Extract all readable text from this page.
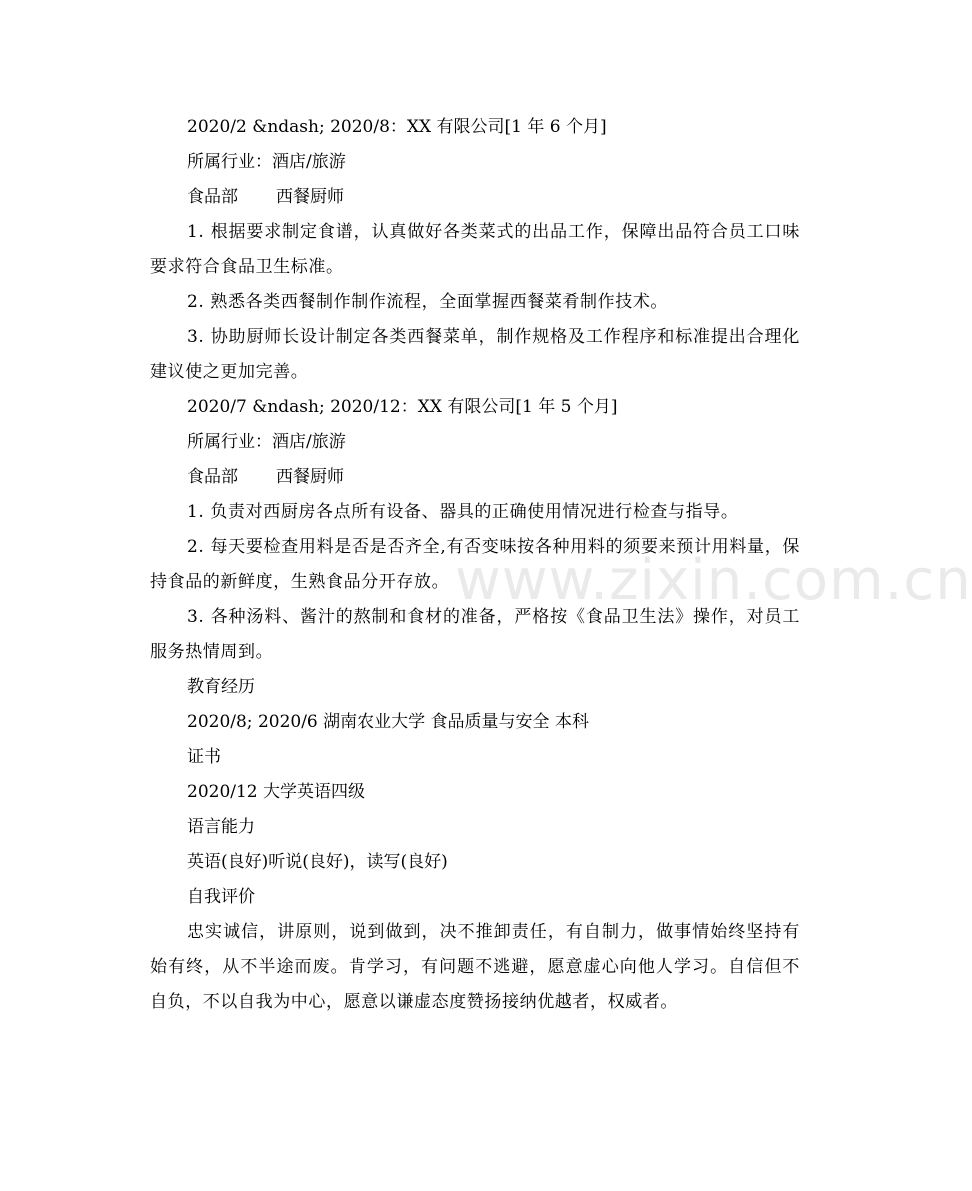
2020/2 &ndash; 2020/8：XX 有限公司[1 年 6 个月]
所属行业：酒店/旅游
食品部 西餐厨师
1. 根据要求制定食谱，认真做好各类菜式的出品工作，保障出品符合员工口味要求符合食品卫生标准。
2. 熟悉各类西餐制作制作流程，全面掌握西餐菜肴制作技术。
3. 协助厨师长设计制定各类西餐菜单，制作规格及工作程序和标准提出合理化建议使之更加完善。
2020/7 &ndash; 2020/12：XX 有限公司[1 年 5 个月]
所属行业：酒店/旅游
食品部 西餐厨师
1. 负责对西厨房各点所有设备、器具的正确使用情况进行检查与指导。
2. 每天要检查用料是否是否齐全,有否变味按各种用料的须要来预计用料量，保持食品的新鲜度，生熟食品分开存放。
3. 各种汤料、酱汁的熬制和食材的准备，严格按《食品卫生法》操作，对员工服务热情周到。
教育经历
2020/8; 2020/6 湖南农业大学 食品质量与安全 本科
证书
2020/12 大学英语四级
语言能力
英语(良好)听说(良好)，读写(良好)
自我评价
忠实诚信，讲原则，说到做到，决不推卸责任，有自制力，做事情始终坚持有始有终，从不半途而废。肯学习，有问题不逃避，愿意虚心向他人学习。自信但不自负，不以自我为中心，愿意以谦虚态度赞扬接纳优越者，权威者。
www.zixin.com.cn
